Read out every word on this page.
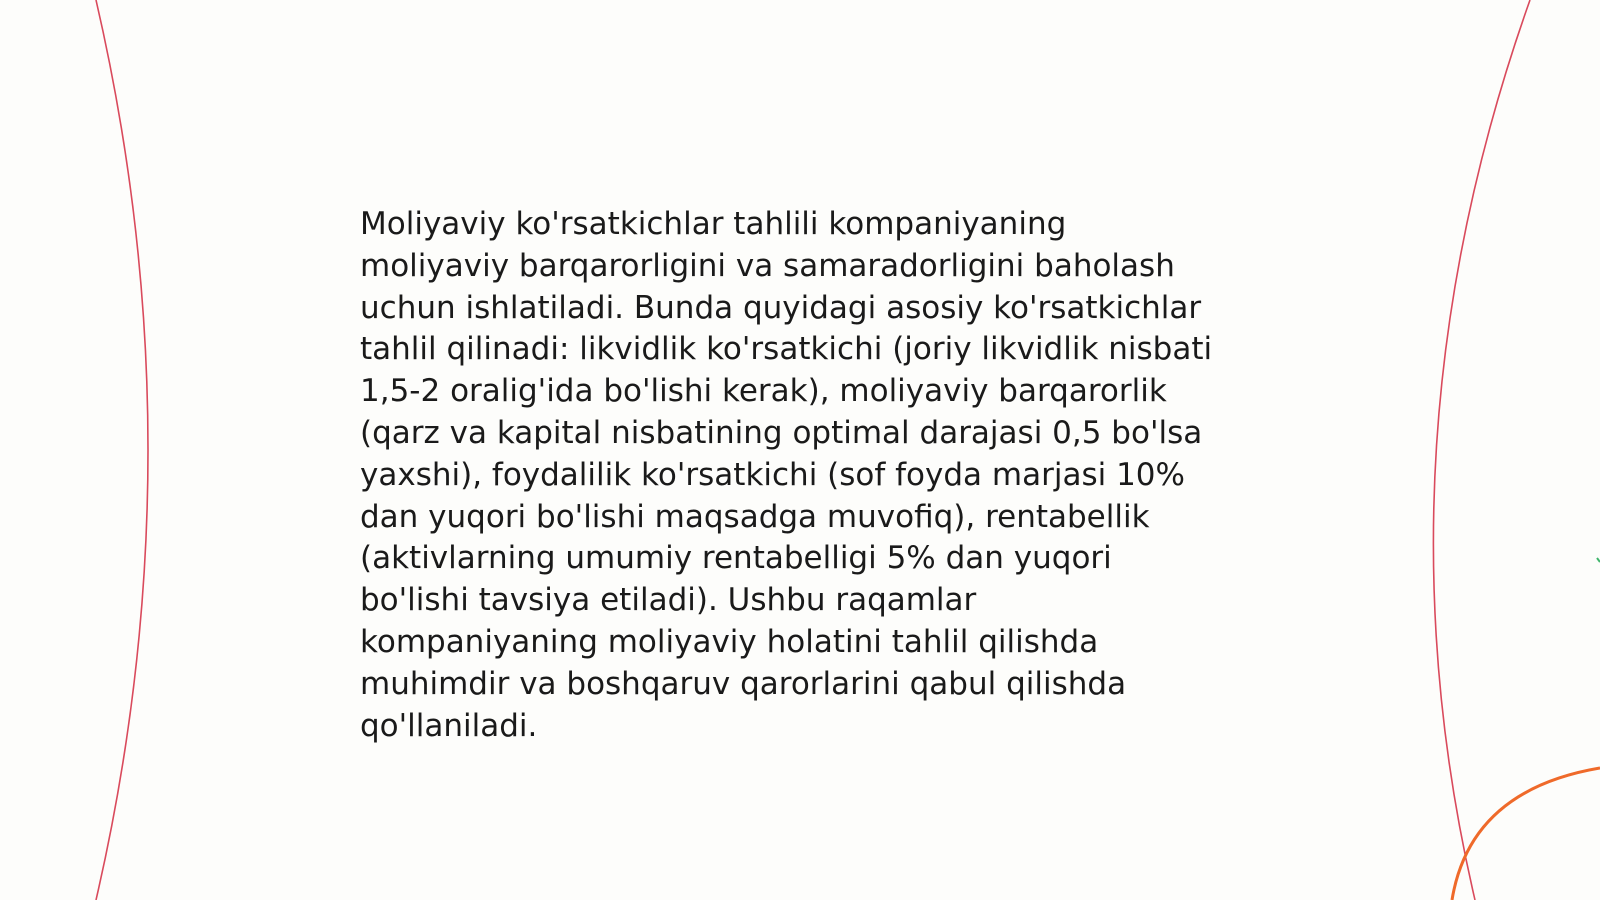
Moliyaviy ko'rsatkichlar tahlili kompaniyaning
moliyaviy barqarorligini va samaradorligini baholash
uchun ishlatiladi. Bunda quyidagi asosiy ko'rsatkichlar
tahlil qilinadi: likvidlik ko'rsatkichi (joriy likvidlik nisbati
1,5-2 oralig'ida bo'lishi kerak), moliyaviy barqarorlik
(qarz va kapital nisbatining optimal darajasi 0,5 bo'lsa
yaxshi), foydalilik ko'rsatkichi (sof foyda marjasi 10%
dan yuqori bo'lishi maqsadga muvofiq), rentabellik
(aktivlarning umumiy rentabelligi 5% dan yuqori
bo'lishi tavsiya etiladi). Ushbu raqamlar
kompaniyaning moliyaviy holatini tahlil qilishda
muhimdir va boshqaruv qarorlarini qabul qilishda
qo'llaniladi.
